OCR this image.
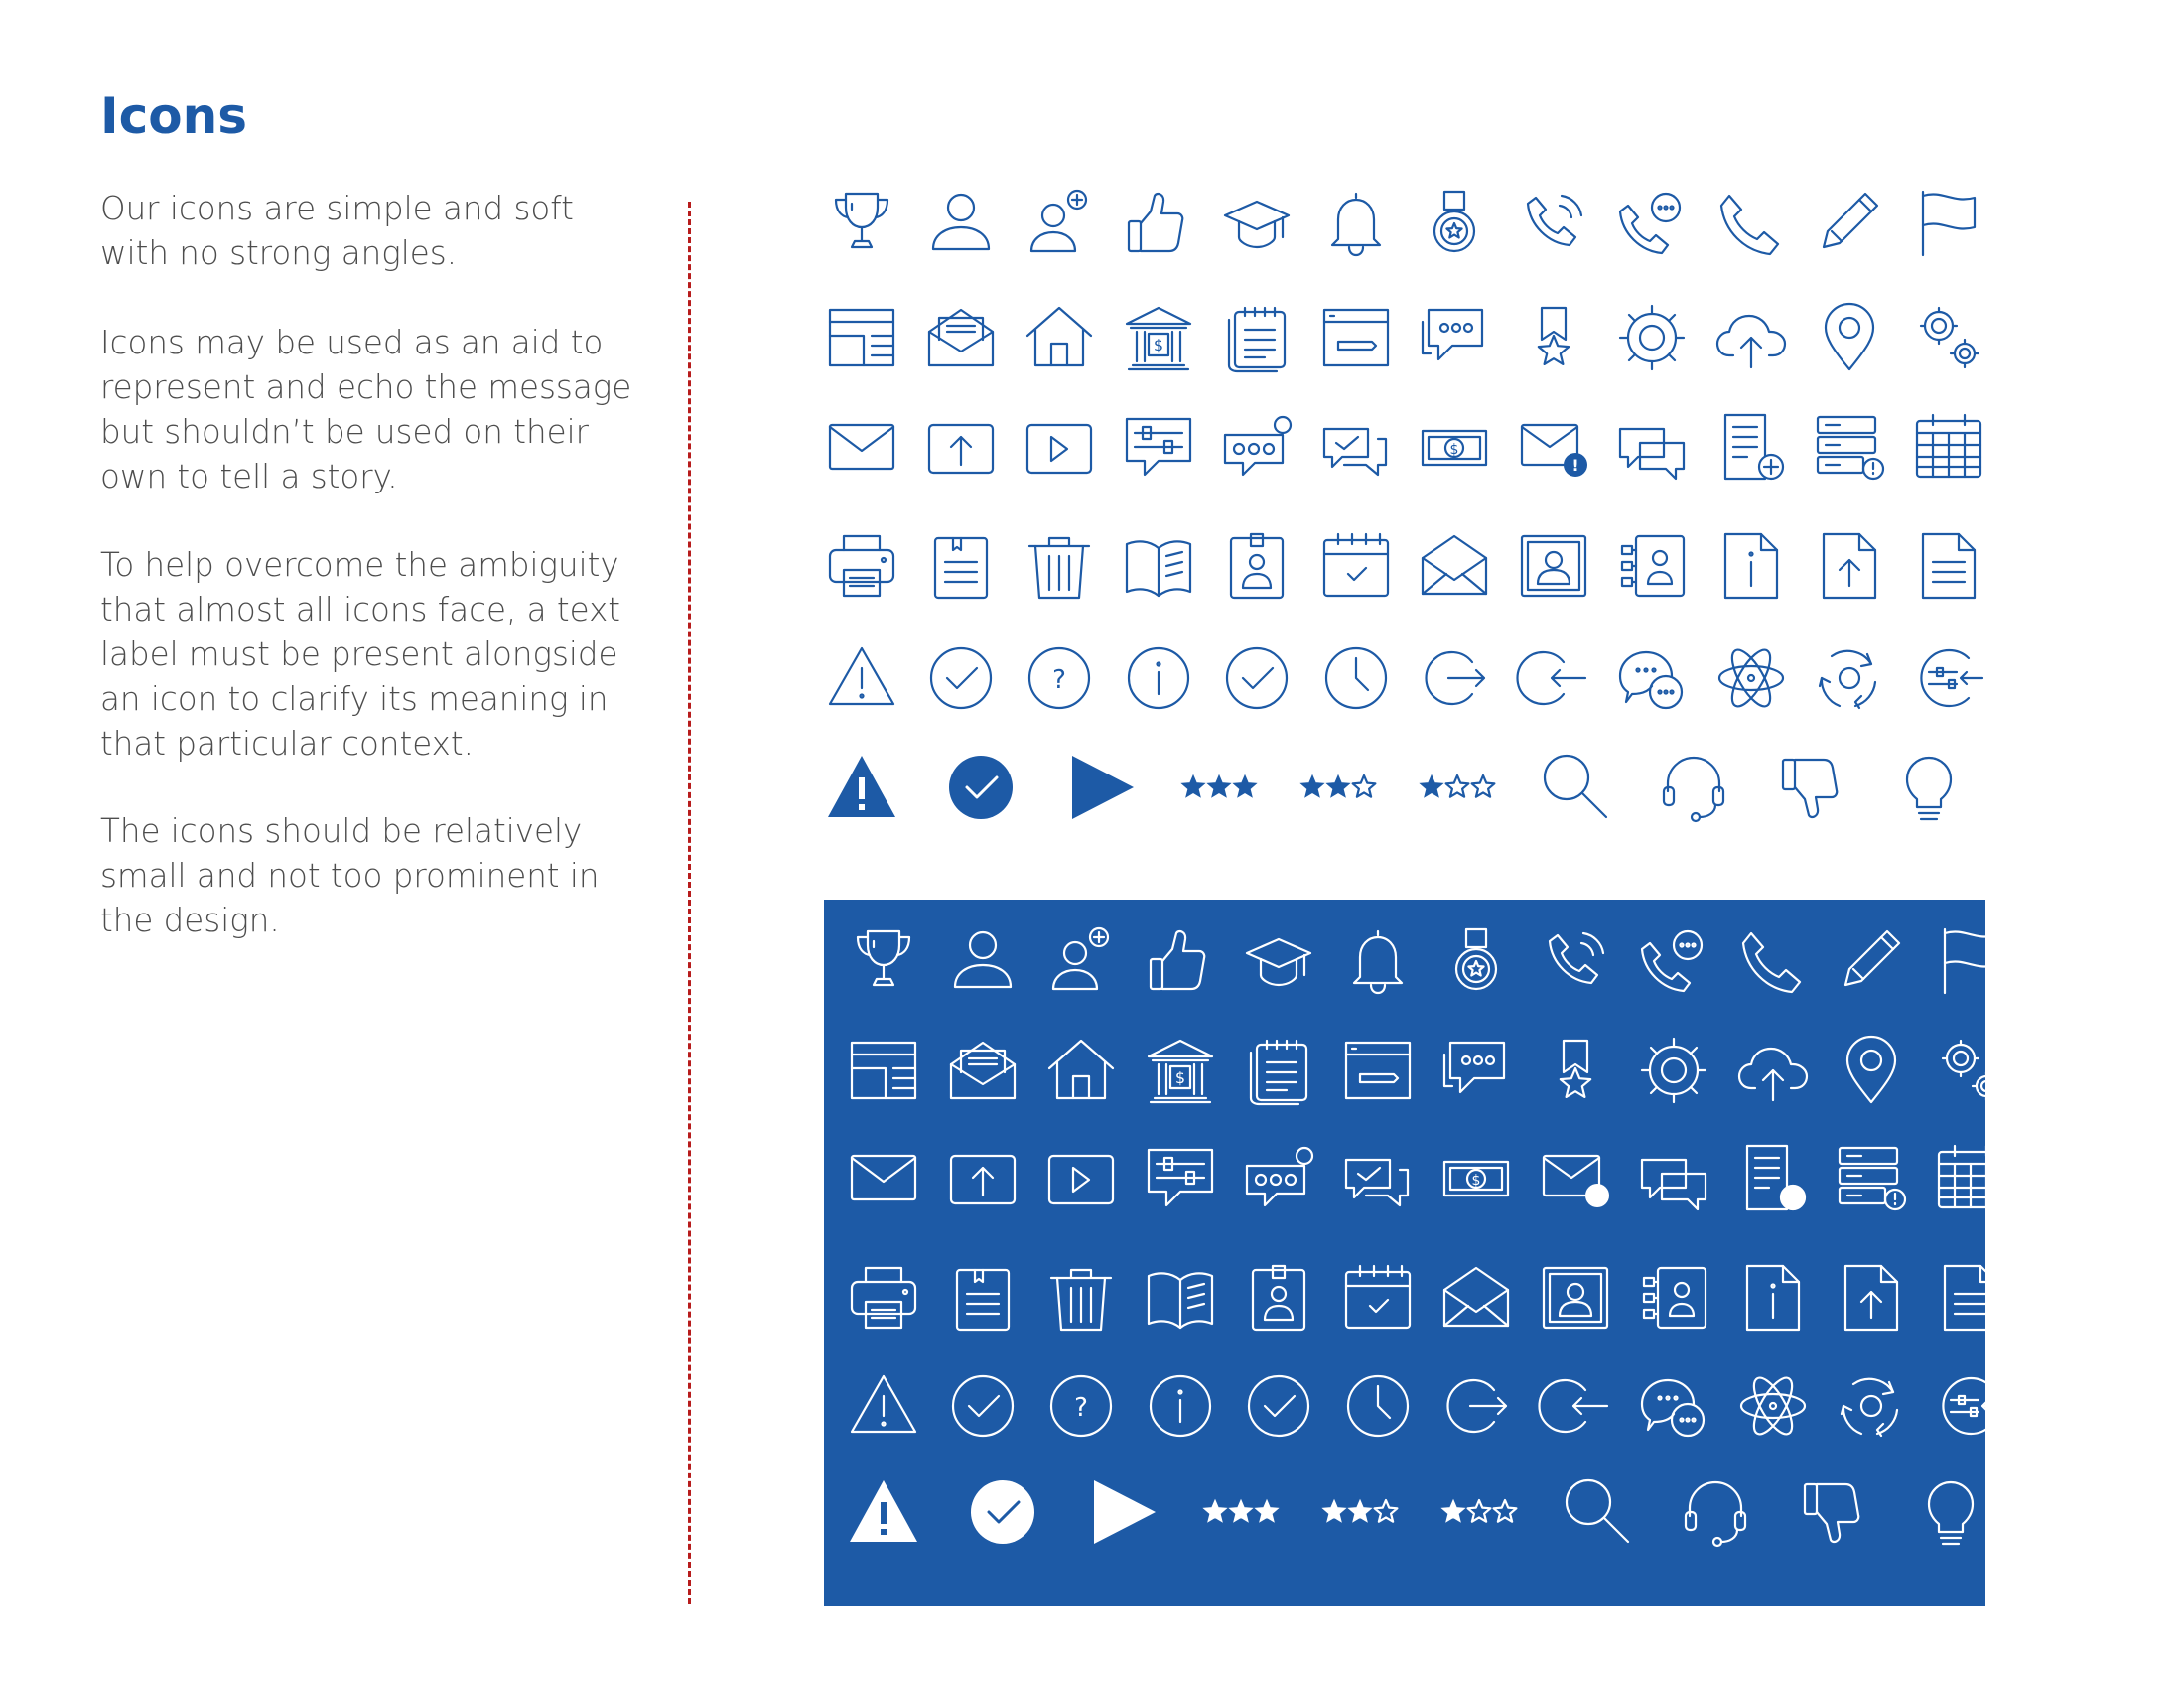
Icons

Our icons are simple and soft with no strong angles.

Icons may be used as an aid to represent and echo the message but shouldn’t be used on their own to tell a story.

To help overcome the ambiguity that almost all icons face, a text label must be present alongside an icon to clarify its meaning in that particular context.

The icons should be relatively small and not too prominent in the design.

$
$
!
?
$
$
!
?
